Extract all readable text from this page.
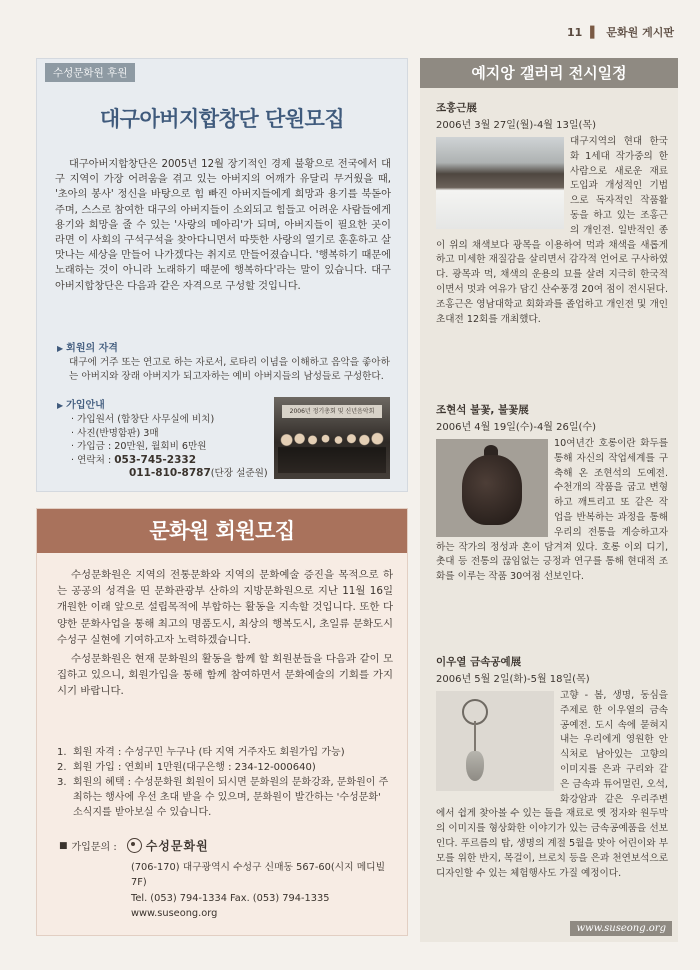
11 ▌ 문화원 게시판
수성문화원 후원
대구아버지합창단 단원모집

대구아버지합창단은 2005년 12월 장기적인 경제 불황으로 전국에서 대구 지역이 가장 어려움을 겪고 있는 아버지의 어깨가 유달리 무거웠을 때, '초아의 봉사' 정신을 바탕으로 힘 빠진 아버지들에게 희망과 용기를 북돋아 주며, 스스로 참여한 대구의 아버지들이 소외되고 힘들고 어려운 사람들에게 용기와 희망을 줄 수 있는 '사랑의 메아리'가 되며, 아버지들이 필요한 곳이라면 이 사회의 구석구석을 찾아다니면서 따뜻한 사랑의 열기로 훈훈하고 살맛나는 세상을 만들어 나가겠다는 취지로 만들어졌습니다. '행복하기 때문에 노래하는 것이 아니라 노래하기 때문에 행복하다'라는 말이 있습니다. 대구아버지합창단은 다음과 같은 자격으로 구성할 것입니다.

▶ 회원의 자격

대구에 거주 또는 연고로 하는 자로서, 로타리 이념을 이해하고 음악을 좋아하는 아버지와 장래 아버지가 되고자하는 예비 아버지들의 남성들로 구성한다.

▶ 가입안내

· 가입원서 (합창단 사무실에 비치)
· 사진(반명함판) 3매
· 가입금 : 20만원, 월회비 6만원
· 연락처 : 053-745-2332
011-810-8787(단장 설준원)
2006년 정기총회 및 신년음악회
문화원 회원모집

수성문화원은 지역의 전통문화와 지역의 문화예술 증진을 목적으로 하는 공공의 성격을 띤 문화관광부 산하의 지방문화원으로 지난 11월 16일 개원한 이래 앞으로 설립목적에 부합하는 활동을 지속할 것입니다. 또한 다양한 문화사업을 통해 최고의 명품도시, 최상의 행복도시, 초일류 문화도시 수성구 실현에 기여하고자 노력하겠습니다.

수성문화원은 현재 문화원의 활동을 함께 할 회원분들을 다음과 같이 모집하고 있으니, 회원가입을 통해 함께 참여하면서 문화예술의 기회를 가지시기 바랍니다.

1. 회원 자격 : 수성구민 누구나 (타 지역 거주자도 회원가입 가능)
2. 회원 가입 : 연회비 1만원(대구은행 : 234-12-000640)
3. 회원의 혜택 : 수성문화원 회원이 되시면 문화원의 문화강좌, 문화원이 주최하는 행사에 우선 초대 받을 수 있으며, 문화원이 발간하는 '수성문화' 소식지를 받아보실 수 있습니다.
■ 가입문의 : 수성문화원
(706-170) 대구광역시 수성구 신매동 567-60(시지 메디빌 7F)
Tel. (053) 794-1334 Fax. (053) 794-1335
www.suseong.org
예지앙 갤러리 전시일정

조홍근展

2006년 3월 27일(월)-4월 13일(목)

대구지역의 현대 한국화 1세대 작가중의 한 사람으로 새로운 재료도입과 개성적인 기법으로 독자적인 작품활동을 하고 있는 조홍근의 개인전. 일반적인 종이 위의 채색보다 광목을 이용하여 먹과 채색을 새롭게 하고 미세한 재질감을 살리면서 감각적 언어로 구사하였다. 광목과 먹, 채색의 운용의 묘를 살려 지극히 한국적이면서 멋과 여유가 담긴 산수풍경 20여 점이 전시된다. 조홍근은 영남대학교 회화과를 졸업하고 개인전 및 개인초대전 12회를 개최했다.

조현석 불꽃, 불꽃展

2006년 4월 19일(수)-4월 26일(수)

10여년간 호롱이란 화두를 통해 자신의 작업세계를 구축해 온 조현석의 도예전. 수천개의 작품을 굽고 변형하고 깨트리고 또 같은 작업을 반복하는 과정을 통해 우리의 전통을 계승하고자하는 작가의 정성과 혼이 담겨져 있다. 호롱 이외 디기, 촛대 등 전통의 끊임없는 긍정과 연구를 통해 현대적 조화를 이루는 작품 30여점 선보인다.

이우열 금속공예展

2006년 5월 2일(화)-5월 18일(목)

고향 - 봄, 생명, 동심을 주제로 한 이우열의 금속공예전. 도시 속에 묻혀지내는 우리에게 영원한 안식처로 남아있는 고향의 이미지를 은과 구리와 같은 금속과 튜어멀린, 오석, 화강암과 같은 우리주변에서 쉽게 찾아볼 수 있는 돌을 재료로 옛 정자와 원두막의 이미지를 형상화한 이야기가 있는 금속공예품을 선보인다. 푸르름의 탑, 생명의 계절 5월을 맞아 어린이와 부모를 위한 반지, 목걸이, 브로치 등을 은과 천연보석으로 디자인할 수 있는 체험행사도 가질 예정이다.

www.suseong.org
